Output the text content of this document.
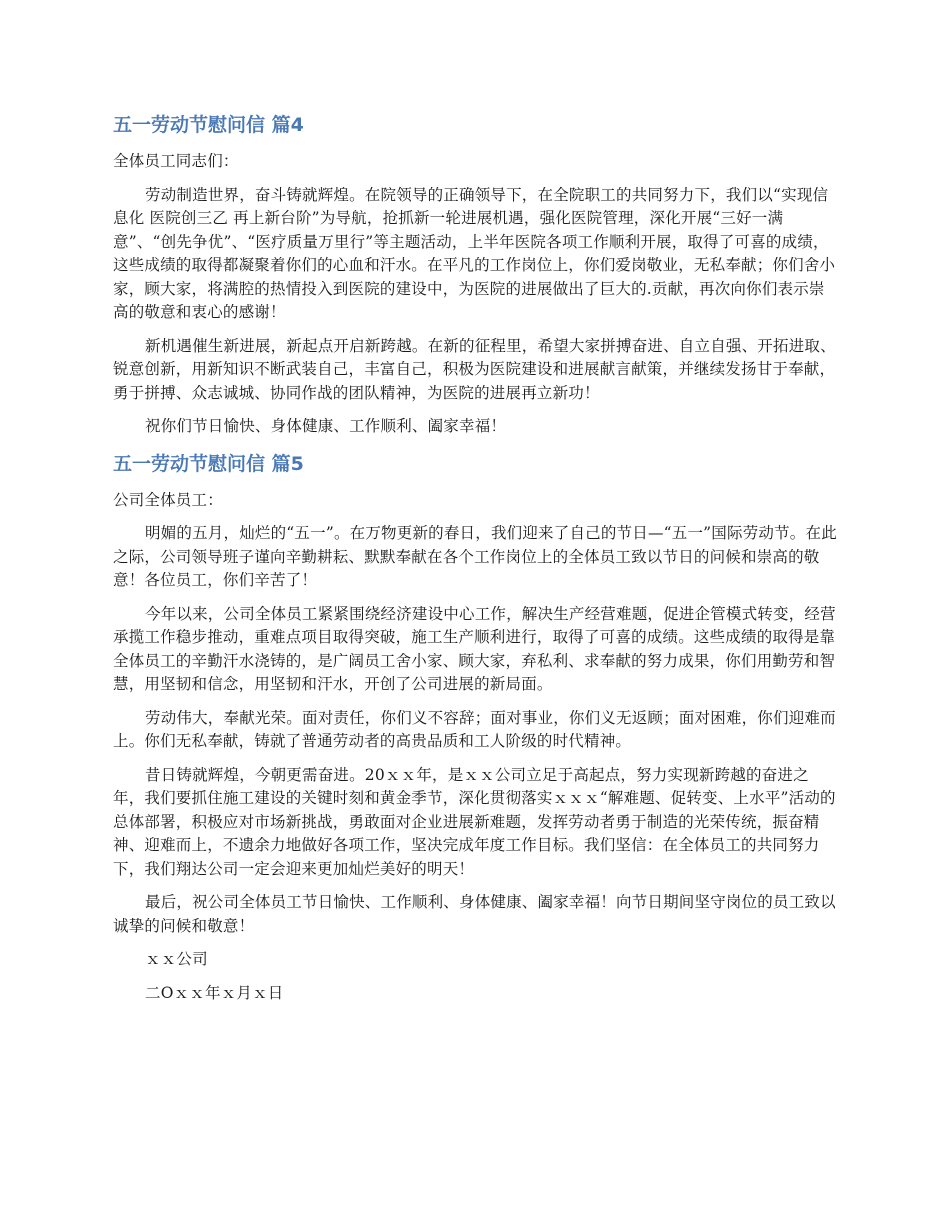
五一劳动节慰问信 篇4

全体员工同志们：

劳动制造世界，奋斗铸就辉煌。在院领导的正确领导下，在全院职工的共同努力下，我们以“实现信息化 医院创三乙 再上新台阶”为导航，抢抓新一轮进展机遇，强化医院管理，深化开展“三好一满意”、“创先争优”、“医疗质量万里行”等主题活动，上半年医院各项工作顺利开展，取得了可喜的成绩，这些成绩的取得都凝聚着你们的心血和汗水。在平凡的工作岗位上，你们爱岗敬业，无私奉献；你们舍小家，顾大家，将满腔的热情投入到医院的建设中，为医院的进展做出了巨大的.贡献，再次向你们表示崇高的敬意和衷心的感谢！

新机遇催生新进展，新起点开启新跨越。在新的征程里，希望大家拼搏奋进、自立自强、开拓进取、锐意创新，用新知识不断武装自己，丰富自己，积极为医院建设和进展献言献策，并继续发扬甘于奉献，勇于拼搏、众志诚城、协同作战的团队精神，为医院的进展再立新功！

祝你们节日愉快、身体健康、工作顺利、阖家幸福！

五一劳动节慰问信 篇5

公司全体员工：

明媚的五月，灿烂的“五一”。在万物更新的春日，我们迎来了自己的节日—“五一”国际劳动节。在此之际，公司领导班子谨向辛勤耕耘、默默奉献在各个工作岗位上的全体员工致以节日的问候和崇高的敬意！各位员工，你们辛苦了！

今年以来，公司全体员工紧紧围绕经济建设中心工作，解决生产经营难题，促进企管模式转变，经营承揽工作稳步推动，重难点项目取得突破，施工生产顺利进行，取得了可喜的成绩。这些成绩的取得是靠全体员工的辛勤汗水浇铸的，是广阔员工舍小家、顾大家，弃私利、求奉献的努力成果，你们用勤劳和智慧，用坚韧和信念，用坚韧和汗水，开创了公司进展的新局面。

劳动伟大，奉献光荣。面对责任，你们义不容辞；面对事业，你们义无返顾；面对困难，你们迎难而上。你们无私奉献，铸就了普通劳动者的高贵品质和工人阶级的时代精神。

昔日铸就辉煌，今朝更需奋进。20ｘｘ年，是ｘｘ公司立足于高起点，努力实现新跨越的奋进之年，我们要抓住施工建设的关键时刻和黄金季节，深化贯彻落实ｘｘｘ“解难题、促转变、上水平”活动的总体部署，积极应对市场新挑战，勇敢面对企业进展新难题，发挥劳动者勇于制造的光荣传统，振奋精神、迎难而上，不遗余力地做好各项工作，坚决完成年度工作目标。我们坚信：在全体员工的共同努力下，我们翔达公司一定会迎来更加灿烂美好的明天！

最后，祝公司全体员工节日愉快、工作顺利、身体健康、阖家幸福！向节日期间坚守岗位的员工致以诚挚的问候和敬意！

ｘｘ公司

二Оｘｘ年ｘ月ｘ日
